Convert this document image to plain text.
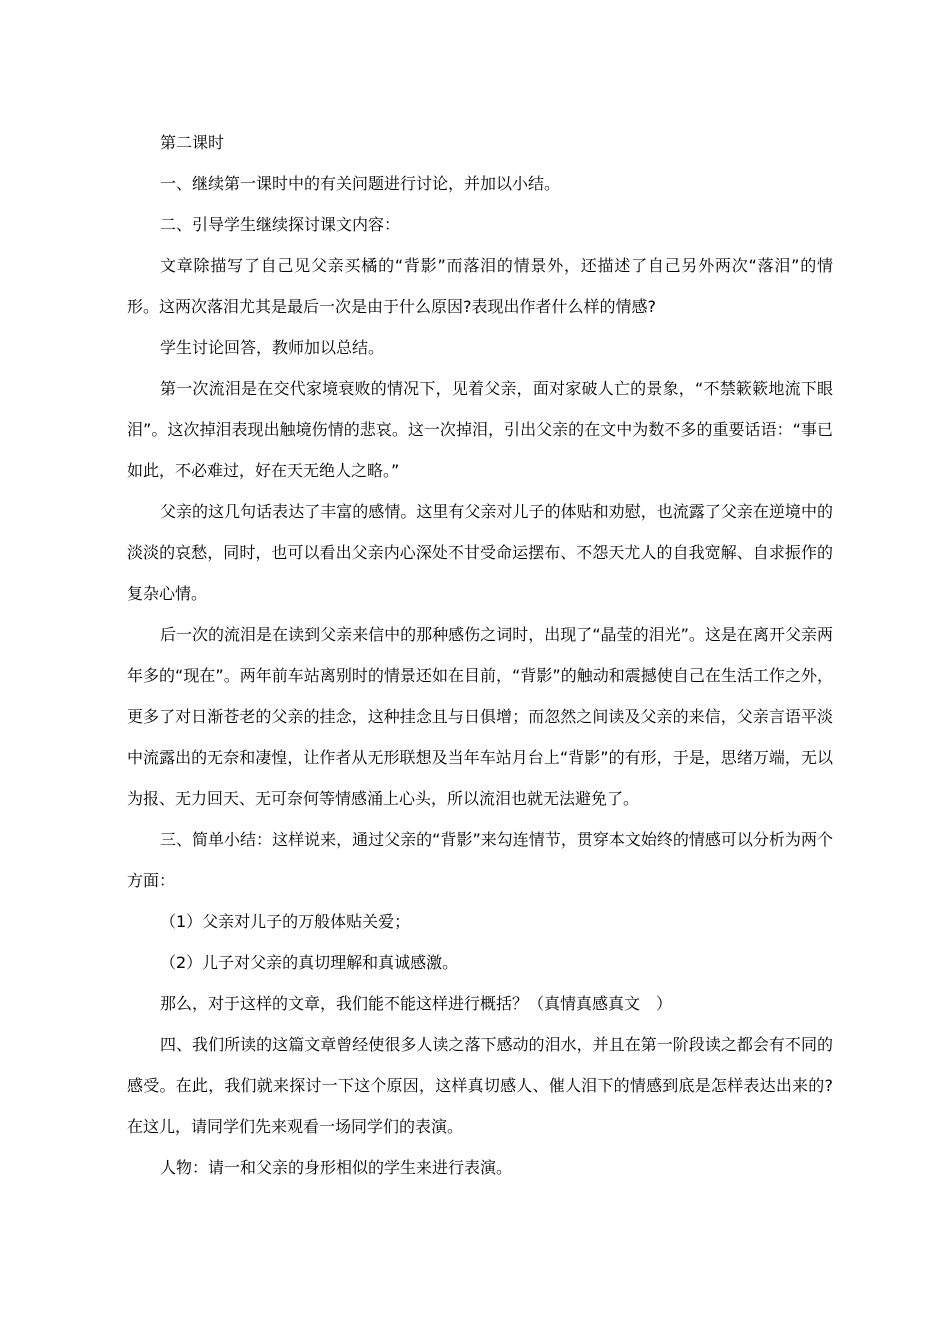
第二课时

一、继续第一课时中的有关问题进行讨论，并加以小结。

二、引导学生继续探讨课文内容：

文章除描写了自己见父亲买橘的“背影”而落泪的情景外，还描述了自己另外两次“落泪”的情形。这两次落泪尤其是最后一次是由于什么原因?表现出作者什么样的情感?

学生讨论回答，教师加以总结。

第一次流泪是在交代家境衰败的情况下，见着父亲，面对家破人亡的景象，“不禁簌簌地流下眼泪”。这次掉泪表现出触境伤情的悲哀。这一次掉泪，引出父亲的在文中为数不多的重要话语：“事已如此，不必难过，好在天无绝人之略。”

父亲的这几句话表达了丰富的感情。这里有父亲对儿子的体贴和劝慰，也流露了父亲在逆境中的淡淡的哀愁，同时，也可以看出父亲内心深处不甘受命运摆布、不怨天尤人的自我宽解、自求振作的复杂心情。

后一次的流泪是在读到父亲来信中的那种感伤之词时，出现了“晶莹的泪光”。这是在离开父亲两年多的“现在”。两年前车站离别时的情景还如在目前，“背影”的触动和震撼使自己在生活工作之外，更多了对日渐苍老的父亲的挂念，这种挂念且与日俱增；而忽然之间读及父亲的来信，父亲言语平淡中流露出的无奈和凄惶，让作者从无形联想及当年车站月台上“背影”的有形，于是，思绪万端，无以为报、无力回天、无可奈何等情感涌上心头，所以流泪也就无法避免了。

三、简单小结：这样说来，通过父亲的“背影”来勾连情节，贯穿本文始终的情感可以分析为两个方面：

（1）父亲对儿子的万般体贴关爱；

（2）儿子对父亲的真切理解和真诚感激。

那么，对于这样的文章，我们能不能这样进行概括？（真情真感真文　）

四、我们所读的这篇文章曾经使很多人读之落下感动的泪水，并且在第一阶段读之都会有不同的感受。在此，我们就来探讨一下这个原因，这样真切感人、催人泪下的情感到底是怎样表达出来的?在这儿，请同学们先来观看一场同学们的表演。

人物：请一和父亲的身形相似的学生来进行表演。
